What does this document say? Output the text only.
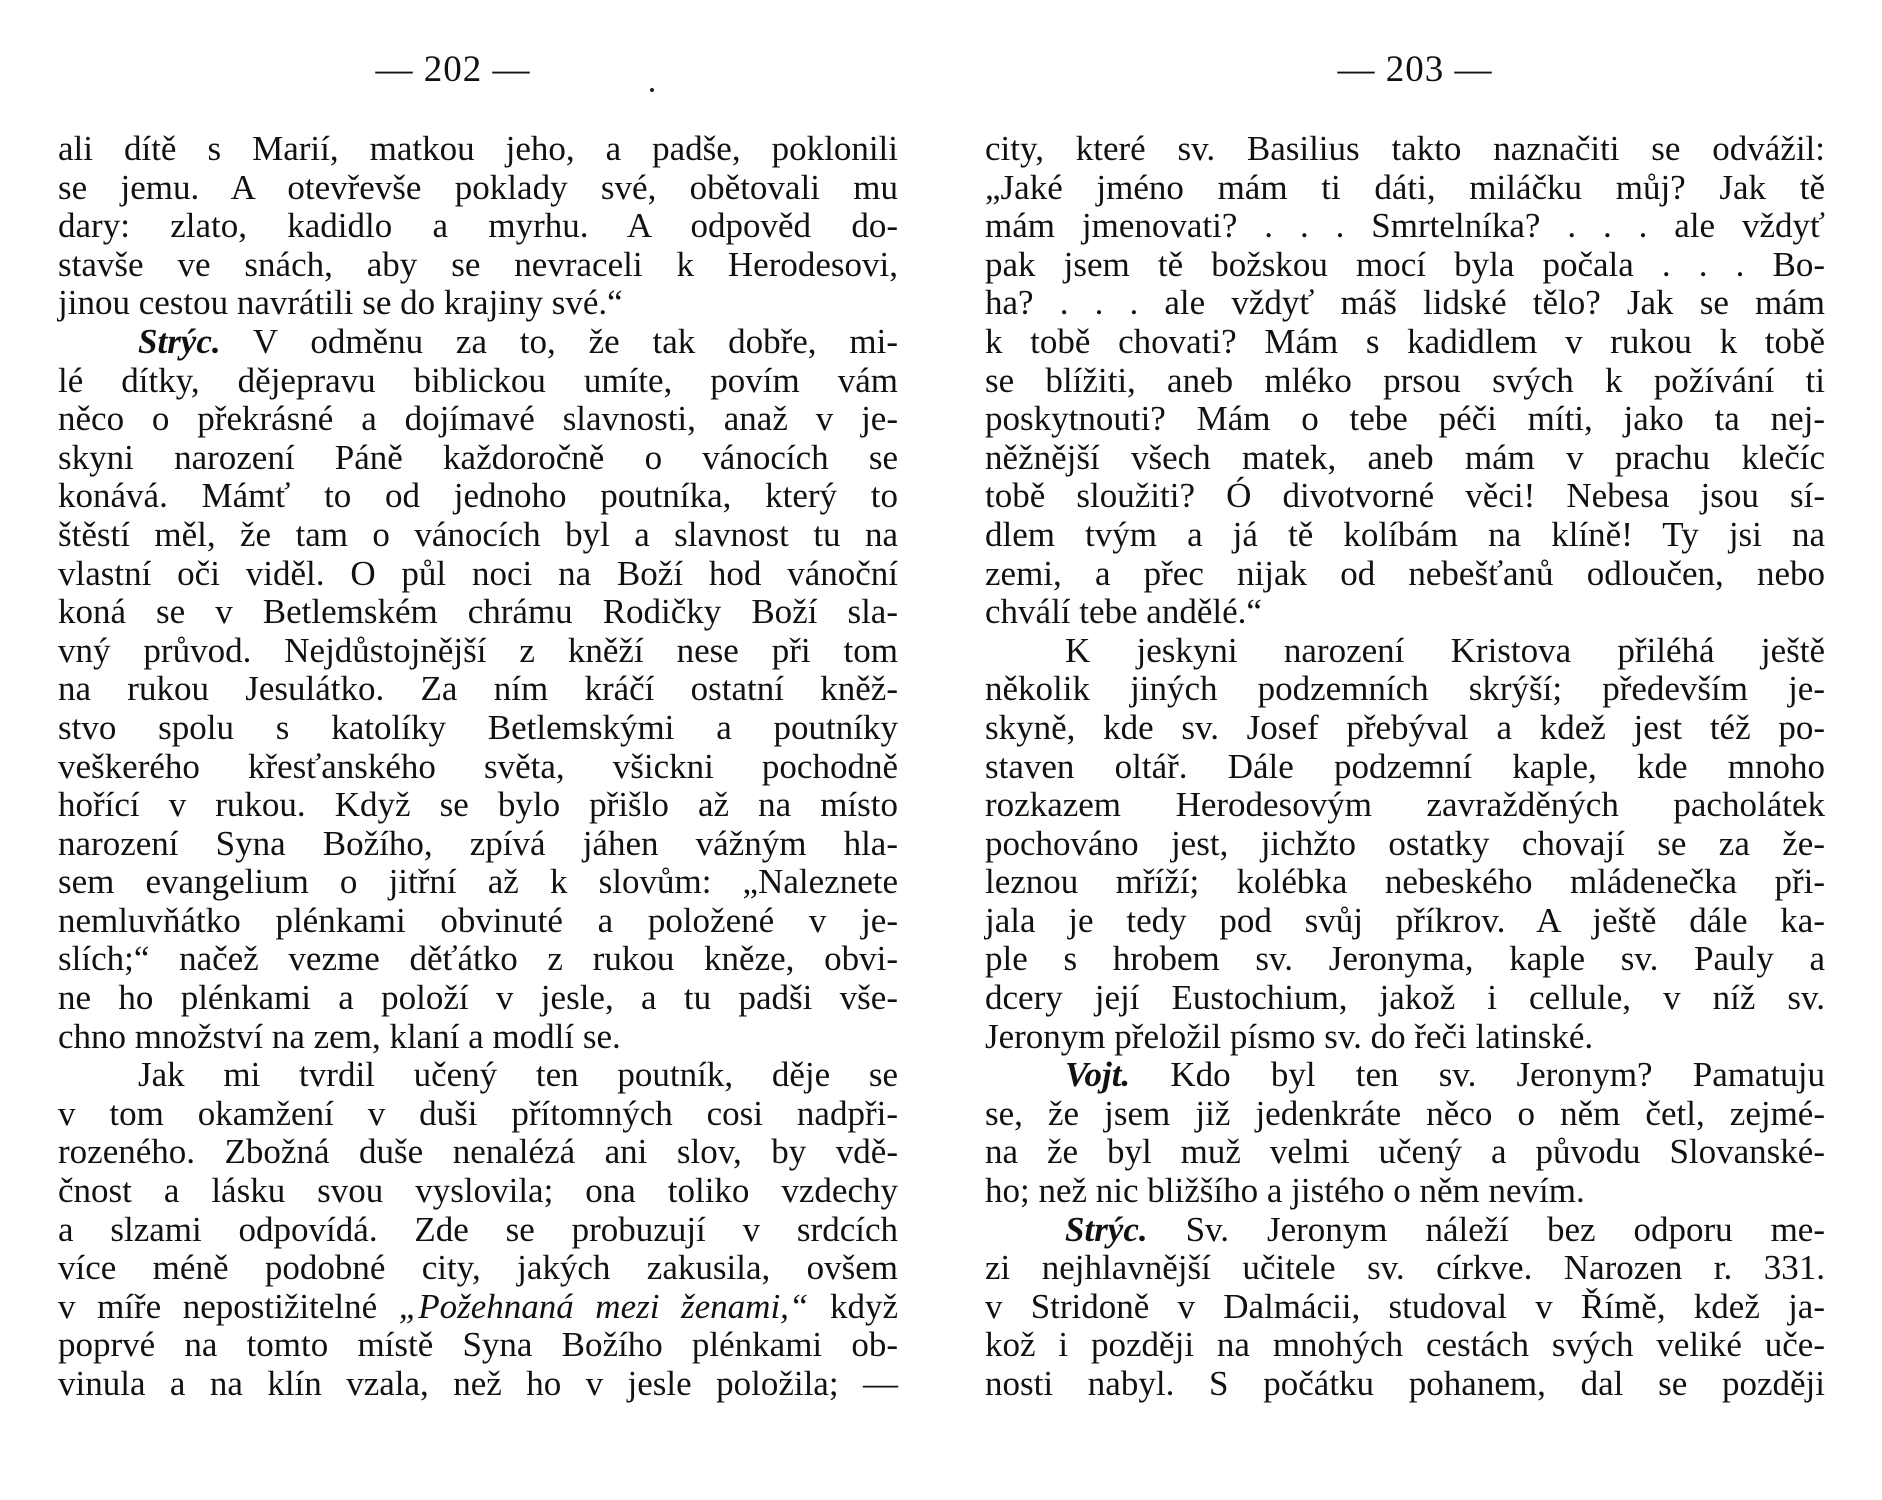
— 202 —
ali dítě s Marií, matkou jeho, a padše, poklonili
se jemu. A otevřevše poklady své, obětovali mu
dary: zlato, kadidlo a myrhu. A odpověd do-
stavše ve snách, aby se nevraceli k Herodesovi,
jinou cestou navrátili se do krajiny své.“
Strýc. V odměnu za to, že tak dobře, mi-
lé dítky, dějepravu biblickou umíte, povím vám
něco o překrásné a dojímavé slavnosti, anaž v je-
skyni narození Páně každoročně o vánocích se
konává. Mámť to od jednoho poutníka, který to
štěstí měl, že tam o vánocích byl a slavnost tu na
vlastní oči viděl. O půl noci na Boží hod vánoční
koná se v Betlemském chrámu Rodičky Boží sla-
vný průvod. Nejdůstojnější z kněží nese při tom
na rukou Jesulátko. Za ním kráčí ostatní kněž-
stvo spolu s katolíky Betlemskými a poutníky
veškerého křesťanského světa, všickni pochodně
hořící v rukou. Když se bylo přišlo až na místo
narození Syna Božího, zpívá jáhen vážným hla-
sem evangelium o jitřní až k slovům: „Naleznete
nemluvňátko plénkami obvinuté a položené v je-
slích;“ načež vezme děťátko z rukou kněze, obvi-
ne ho plénkami a položí v jesle, a tu padši vše-
chno množství na zem, klaní a modlí se.
Jak mi tvrdil učený ten poutník, děje se
v tom okamžení v duši přítomných cosi nadpři-
rozeného. Zbožná duše nenalézá ani slov, by vdě-
čnost a lásku svou vyslovila; ona toliko vzdechy
a slzami odpovídá. Zde se probuzují v srdcích
více méně podobné city, jakých zakusila, ovšem
v míře nepostižitelné „Požehnaná mezi ženami,“ když
poprvé na tomto místě Syna Božího plénkami ob-
vinula a na klín vzala, než ho v jesle položila; —
— 203 —
city, které sv. Basilius takto naznačiti se odvážil:
„Jaké jméno mám ti dáti, miláčku můj? Jak tě
mám jmenovati? . . . Smrtelníka? . . . ale vždyť
pak jsem tě božskou mocí byla počala . . . Bo-
ha? . . . ale vždyť máš lidské tělo? Jak se mám
k tobě chovati? Mám s kadidlem v rukou k tobě
se blížiti, aneb mléko prsou svých k požívání ti
poskytnouti? Mám o tebe péči míti, jako ta nej-
něžnější všech matek, aneb mám v prachu klečíc
tobě sloužiti? Ó divotvorné věci! Nebesa jsou sí-
dlem tvým a já tě kolíbám na klíně! Ty jsi na
zemi, a přec nijak od nebešťanů odloučen, nebo
chválí tebe andělé.“
K jeskyni narození Kristova přiléhá ještě
několik jiných podzemních skrýší; především je-
skyně, kde sv. Josef přebýval a kdež jest též po-
staven oltář. Dále podzemní kaple, kde mnoho
rozkazem Herodesovým zavražděných pacholátek
pochováno jest, jichžto ostatky chovají se za že-
leznou mříží; kolébka nebeského mládenečka při-
jala je tedy pod svůj příkrov. A ještě dále ka-
ple s hrobem sv. Jeronyma, kaple sv. Pauly a
dcery její Eustochium, jakož i cellule, v níž sv.
Jeronym přeložil písmo sv. do řeči latinské.
Vojt. Kdo byl ten sv. Jeronym? Pamatuju
se, že jsem již jedenkráte něco o něm četl, zejmé-
na že byl muž velmi učený a původu Slovanské-
ho; než nic bližšího a jistého o něm nevím.
Strýc. Sv. Jeronym náleží bez odporu me-
zi nejhlavnější učitele sv. církve. Narozen r. 331.
v Stridoně v Dalmácii, studoval v Římě, kdež ja-
kož i později na mnohých cestách svých veliké uče-
nosti nabyl. S počátku pohanem, dal se později
